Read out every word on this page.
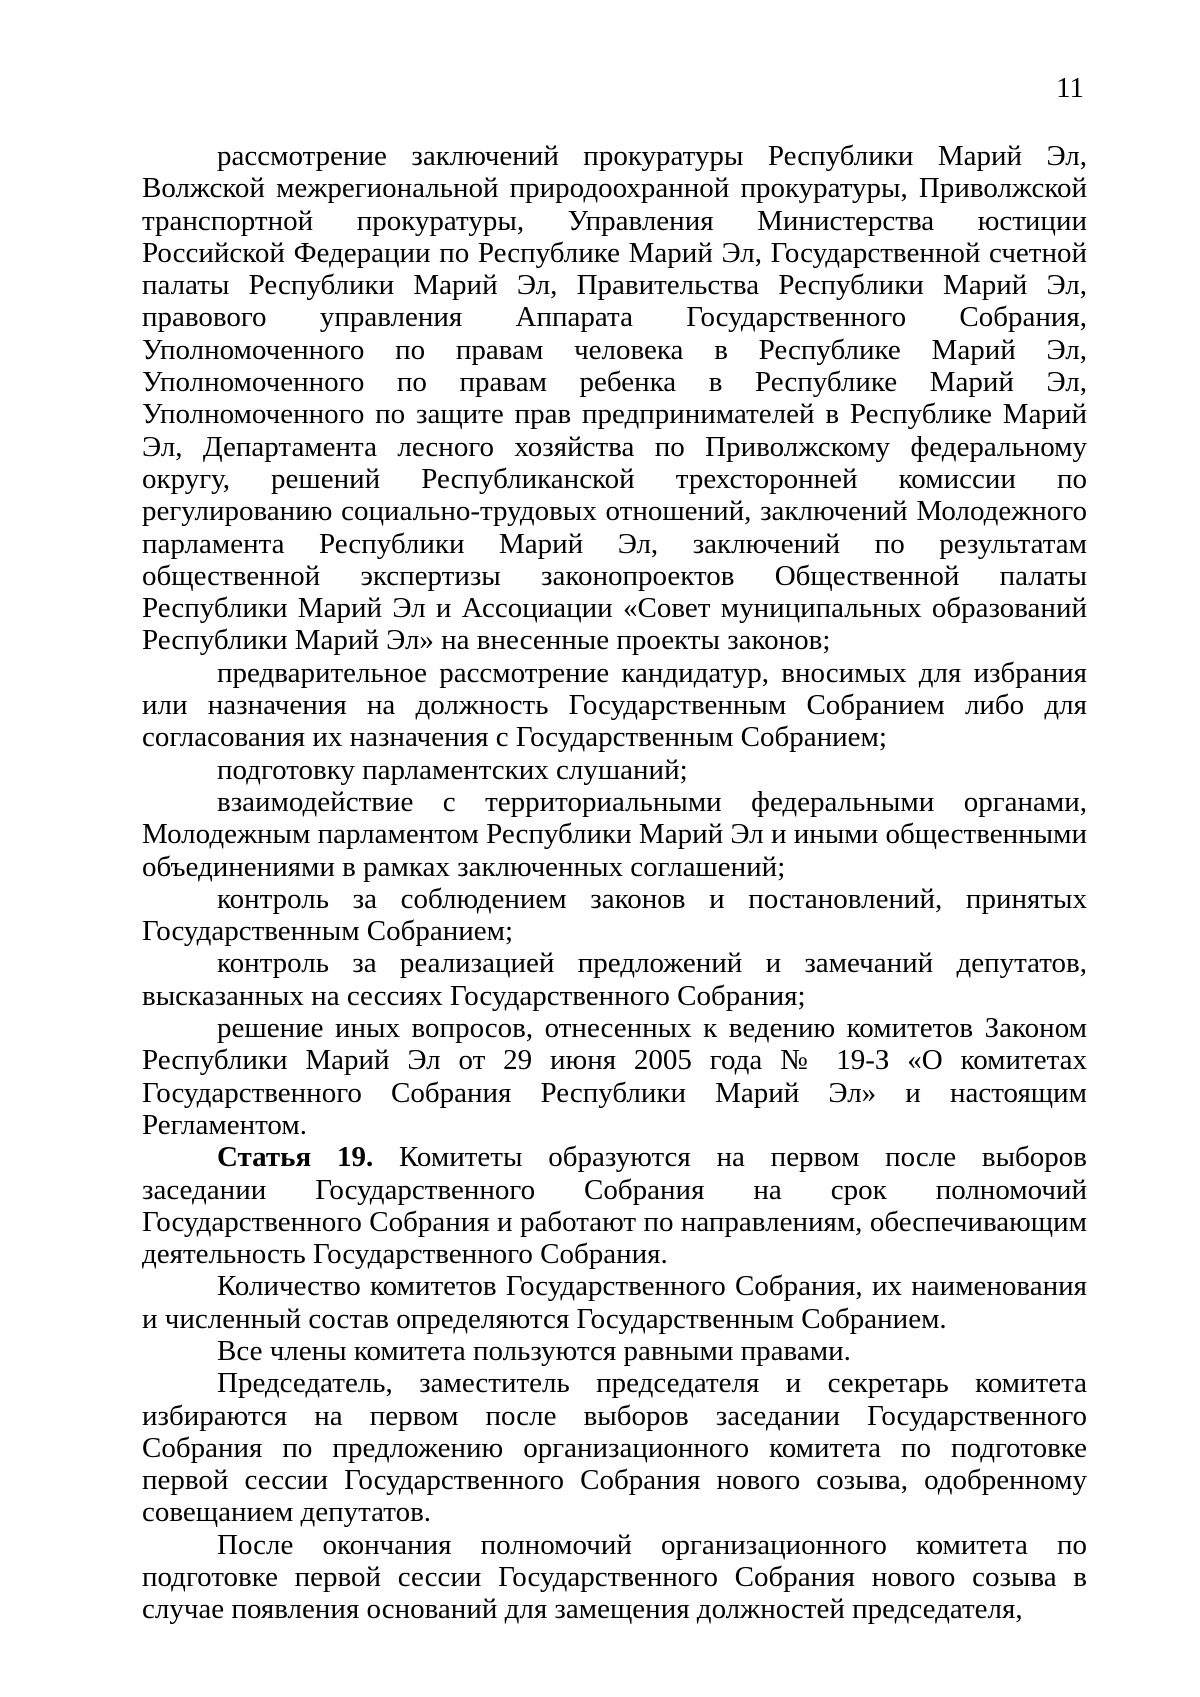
11

рассмотрение заключений прокуратуры Республики Марий Эл, Волжской межрегиональной природоохранной прокуратуры, Приволжской транспортной прокуратуры, Управления Министерства юстиции Российской Федерации по Республике Марий Эл, Государственной счетной палаты Республики Марий Эл, Правительства Республики Марий Эл, правового управления Аппарата Государственного Собрания, Уполномоченного по правам человека в Республике Марий Эл, Уполномоченного по правам ребенка в Республике Марий Эл, Уполномоченного по защите прав предпринимателей в Республике Марий Эл, Департамента лесного хозяйства по Приволжскому федеральному округу, решений Республиканской трехсторонней комиссии по регулированию социально-трудовых отношений, заключений Молодежного парламента Республики Марий Эл, заключений по результатам общественной экспертизы законопроектов Общественной палаты Республики Марий Эл и Ассоциации «Совет муниципальных образований Республики Марий Эл» на внесенные проекты законов;

предварительное рассмотрение кандидатур, вносимых для избрания или назначения на должность Государственным Собранием либо для согласования их назначения с Государственным Собранием;

подготовку парламентских слушаний;

взаимодействие с территориальными федеральными органами, Молодежным парламентом Республики Марий Эл и иными общественными объединениями в рамках заключенных соглашений;

контроль за соблюдением законов и постановлений, принятых Государственным Собранием;

контроль за реализацией предложений и замечаний депутатов, высказанных на сессиях Государственного Собрания;

решение иных вопросов, отнесенных к ведению комитетов Законом Республики Марий Эл от 29 июня 2005 года № 19-З «О комитетах Государственного Собрания Республики Марий Эл» и настоящим Регламентом.

Статья 19. Комитеты образуются на первом после выборов заседании Государственного Собрания на срок полномочий Государственного Собрания и работают по направлениям, обеспечивающим деятельность Государственного Собрания.

Количество комитетов Государственного Собрания, их наименования и численный состав определяются Государственным Собранием.

Все члены комитета пользуются равными правами.

Председатель, заместитель председателя и секретарь комитета избираются на первом после выборов заседании Государственного Собрания по предложению организационного комитета по подготовке первой сессии Государственного Собрания нового созыва, одобренному совещанием депутатов.

После окончания полномочий организационного комитета по подготовке первой сессии Государственного Собрания нового созыва в случае появления оснований для замещения должностей председателя,
